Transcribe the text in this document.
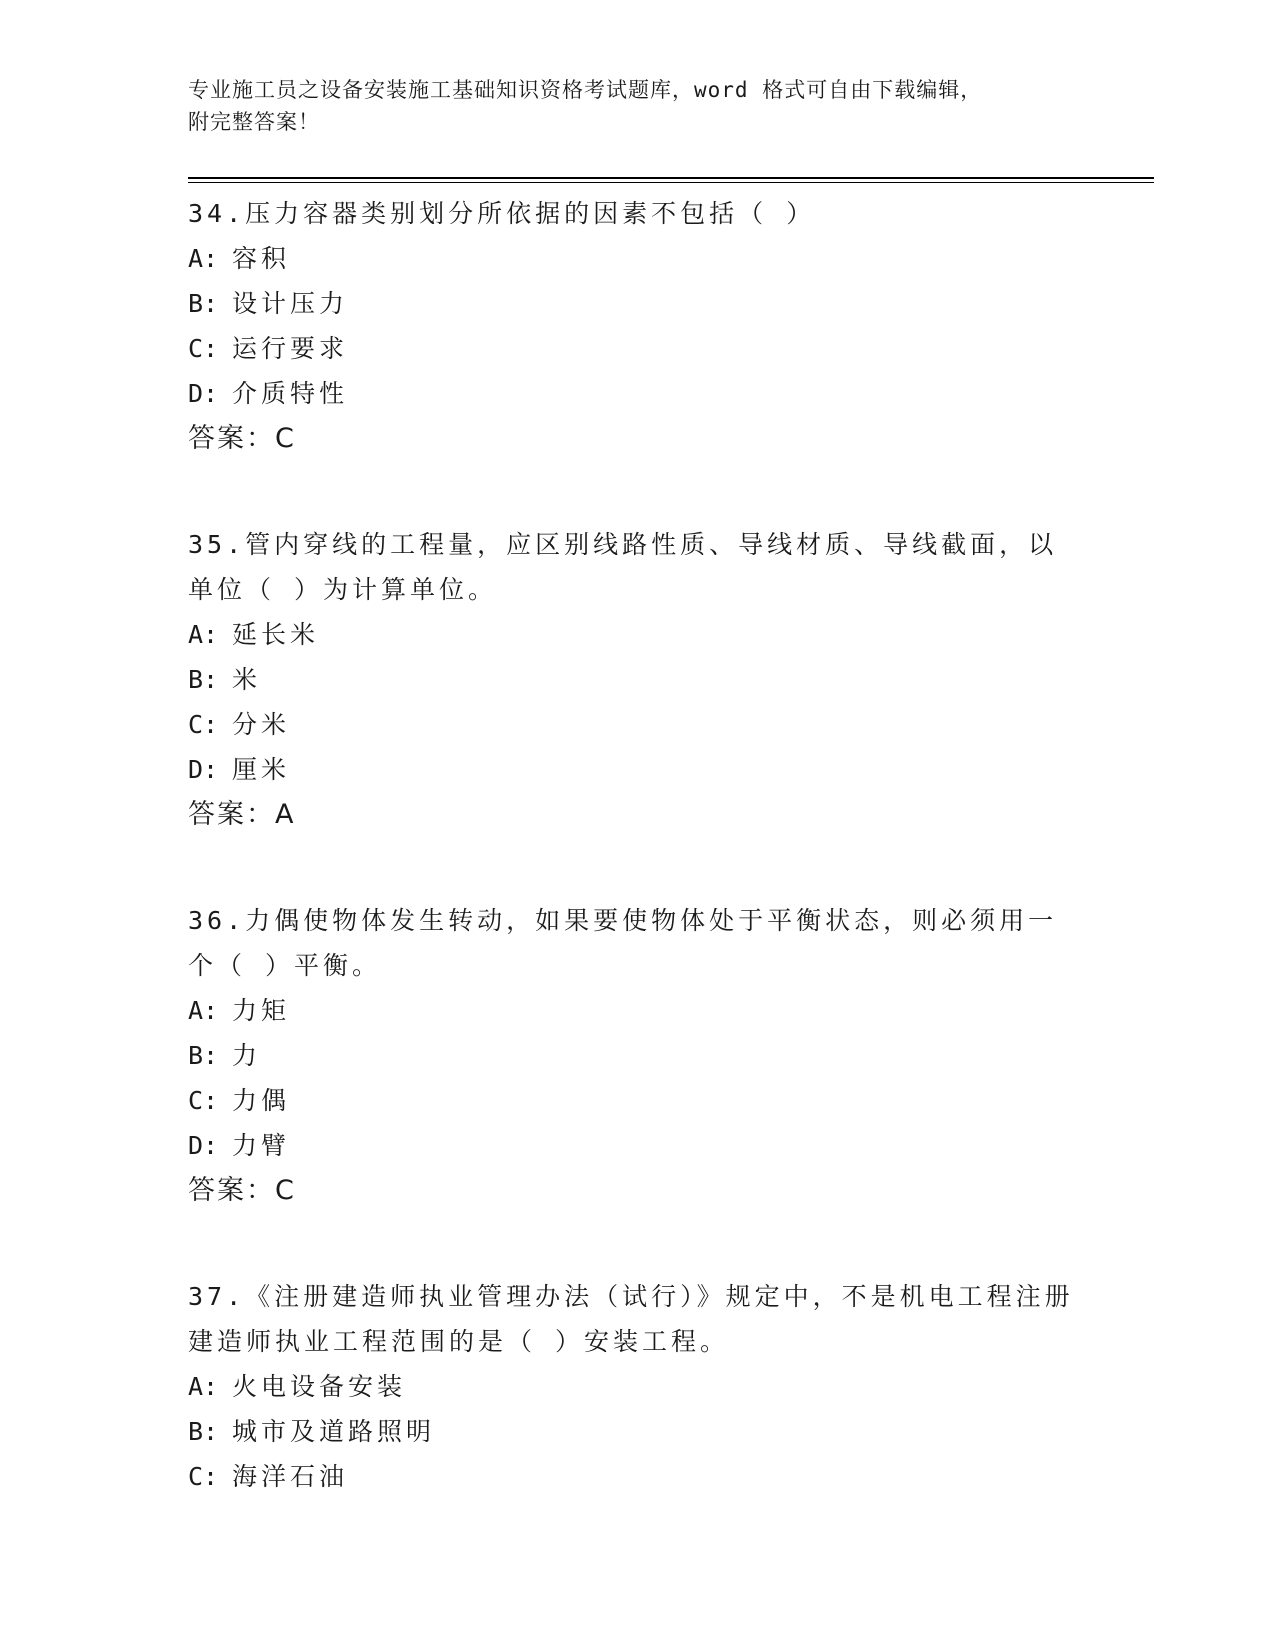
专业施工员之设备安装施工基础知识资格考试题库，word 格式可自由下载编辑，
附完整答案！

34.压力容器类别划分所依据的因素不包括（ ）

A: 容积

B: 设计压力

C: 运行要求

D: 介质特性

答案：C

35.管内穿线的工程量，应区别线路性质、导线材质、导线截面，以单位（ ）为计算单位。

A: 延长米

B: 米

C: 分米

D: 厘米

答案：A

36.力偶使物体发生转动，如果要使物体处于平衡状态，则必须用一个（ ）平衡。

A: 力矩

B: 力

C: 力偶

D: 力臂

答案：C

37.《注册建造师执业管理办法（试行）》规定中，不是机电工程注册建造师执业工程范围的是（ ）安装工程。

A: 火电设备安装

B: 城市及道路照明

C: 海洋石油
